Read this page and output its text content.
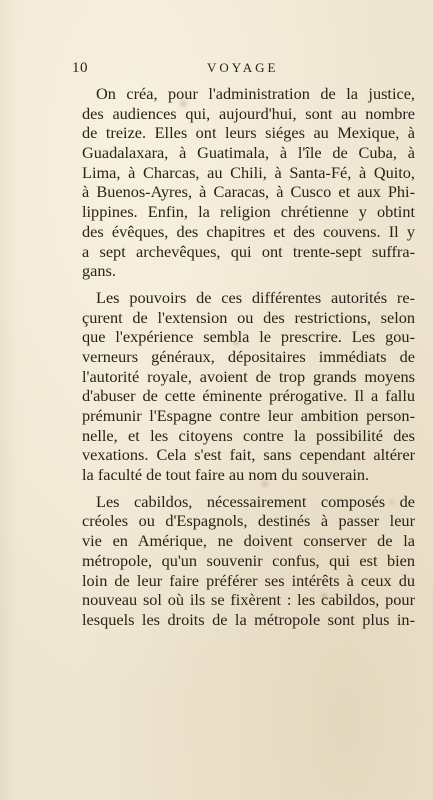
10	VOYAGE
On créa, pour l'administration de la justice,
des audiences qui, aujourd'hui, sont au nombre
de treize. Elles ont leurs siéges au Mexique, à
Guadalaxara, à Guatimala, à l'île de Cuba, à
Lima, à Charcas, au Chili, à Santa-Fé, à Quito,
à Buenos-Ayres, à Caracas, à Cusco et aux Phi-
lippines. Enfin, la religion chrétienne y obtint
des évêques, des chapitres et des couvens. Il y
a sept archevêques, qui ont trente-sept suffra-
gans.
Les pouvoirs de ces différentes autorités re-
çurent de l'extension ou des restrictions, selon
que l'expérience sembla le prescrire. Les gou-
verneurs généraux, dépositaires immédiats de
l'autorité royale, avoient de trop grands moyens
d'abuser de cette éminente prérogative. Il a fallu
prémunir l'Espagne contre leur ambition person-
nelle, et les citoyens contre la possibilité des
vexations. Cela s'est fait, sans cependant altérer
la faculté de tout faire au nom du souverain.
Les cabildos, nécessairement composés de
créoles ou d'Espagnols, destinés à passer leur
vie en Amérique, ne doivent conserver de la
métropole, qu'un souvenir confus, qui est bien
loin de leur faire préférer ses intérêts à ceux du
nouveau sol où ils se fixèrent : les cabildos, pour
lesquels les droits de la métropole sont plus in-
